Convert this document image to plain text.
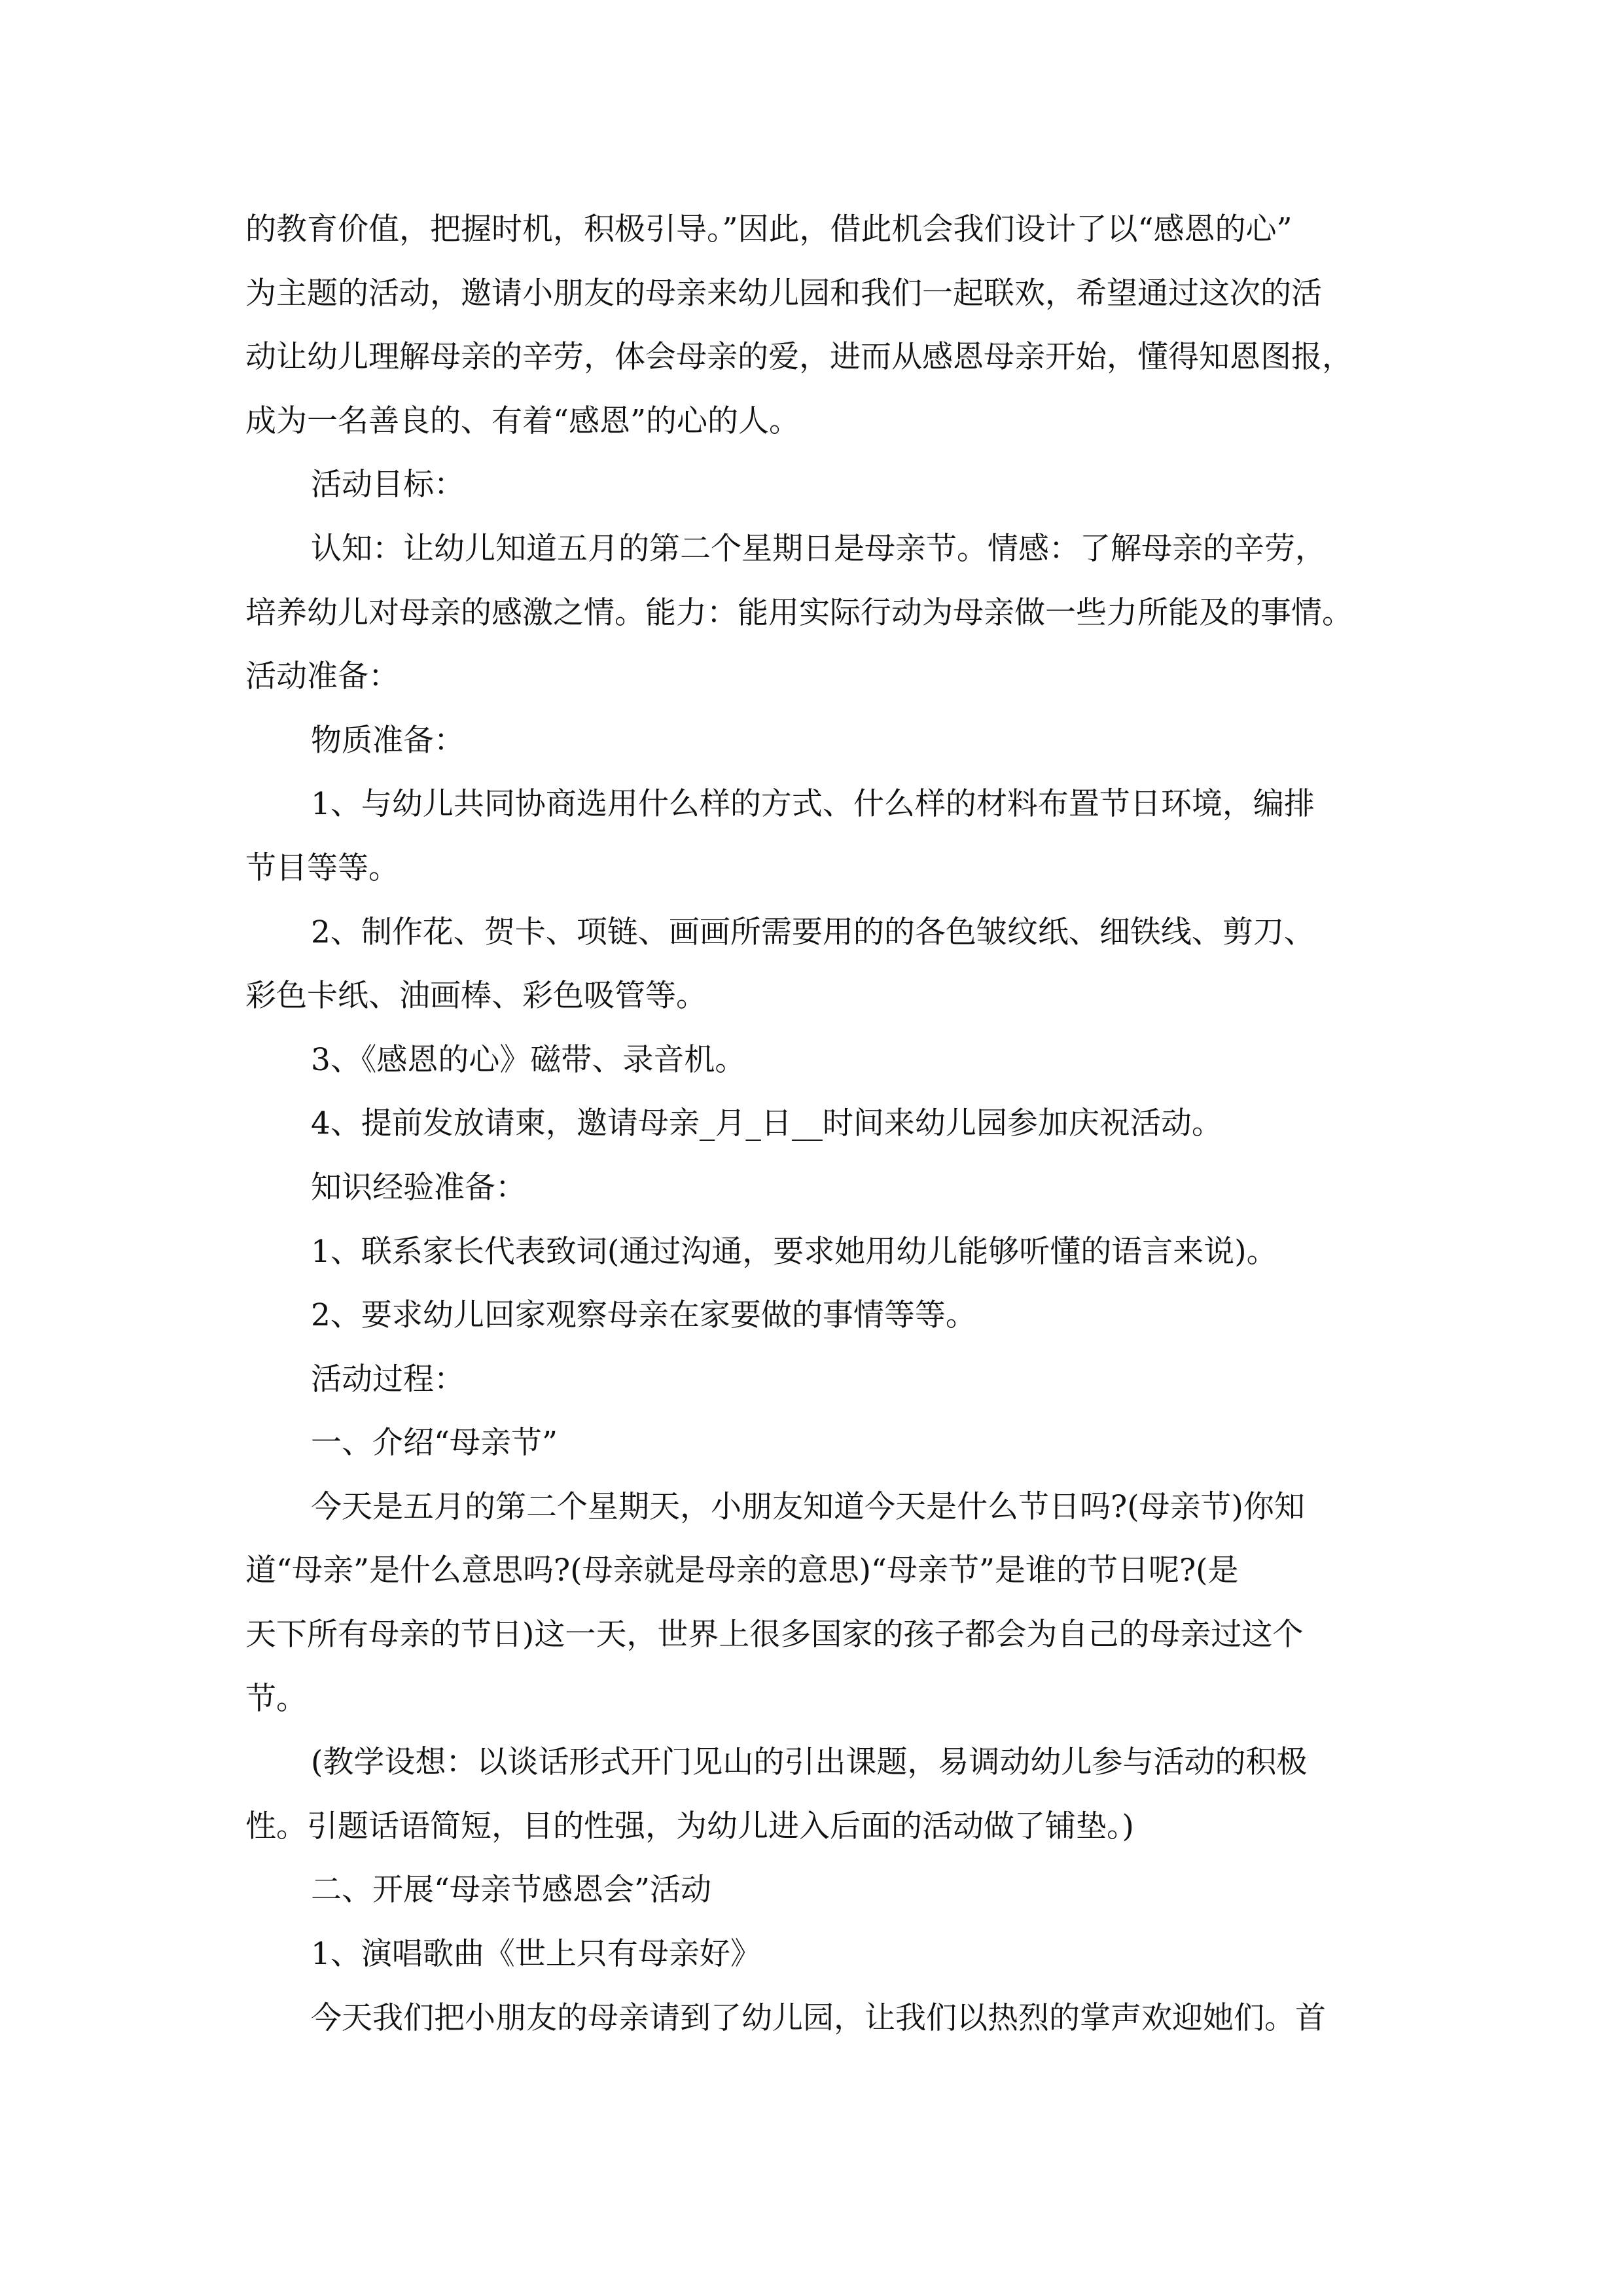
的教育价值，把握时机，积极引导。”因此，借此机会我们设计了以“感恩的心”
为主题的活动，邀请小朋友的母亲来幼儿园和我们一起联欢，希望通过这次的活
动让幼儿理解母亲的辛劳，体会母亲的爱，进而从感恩母亲开始，懂得知恩图报，
成为一名善良的、有着“感恩”的心的人。
活动目标：
认知：让幼儿知道五月的第二个星期日是母亲节。情感：了解母亲的辛劳，
培养幼儿对母亲的感激之情。能力：能用实际行动为母亲做一些力所能及的事情。
活动准备：
物质准备：
1、与幼儿共同协商选用什么样的方式、什么样的材料布置节日环境，编排
节目等等。
2、制作花、贺卡、项链、画画所需要用的的各色皱纹纸、细铁线、剪刀、
彩色卡纸、油画棒、彩色吸管等。
3、《感恩的心》磁带、录音机。
4、提前发放请柬，邀请母亲_月_日__时间来幼儿园参加庆祝活动。
知识经验准备：
1、联系家长代表致词(通过沟通，要求她用幼儿能够听懂的语言来说)。
2、要求幼儿回家观察母亲在家要做的事情等等。
活动过程：
一、介绍“母亲节”
今天是五月的第二个星期天，小朋友知道今天是什么节日吗?(母亲节)你知
道“母亲”是什么意思吗?(母亲就是母亲的意思)“母亲节”是谁的节日呢?(是
天下所有母亲的节日)这一天，世界上很多国家的孩子都会为自己的母亲过这个
节。
(教学设想：以谈话形式开门见山的引出课题，易调动幼儿参与活动的积极
性。引题话语简短，目的性强，为幼儿进入后面的活动做了铺垫。)
二、开展“母亲节感恩会”活动
1、演唱歌曲《世上只有母亲好》
今天我们把小朋友的母亲请到了幼儿园，让我们以热烈的掌声欢迎她们。首
